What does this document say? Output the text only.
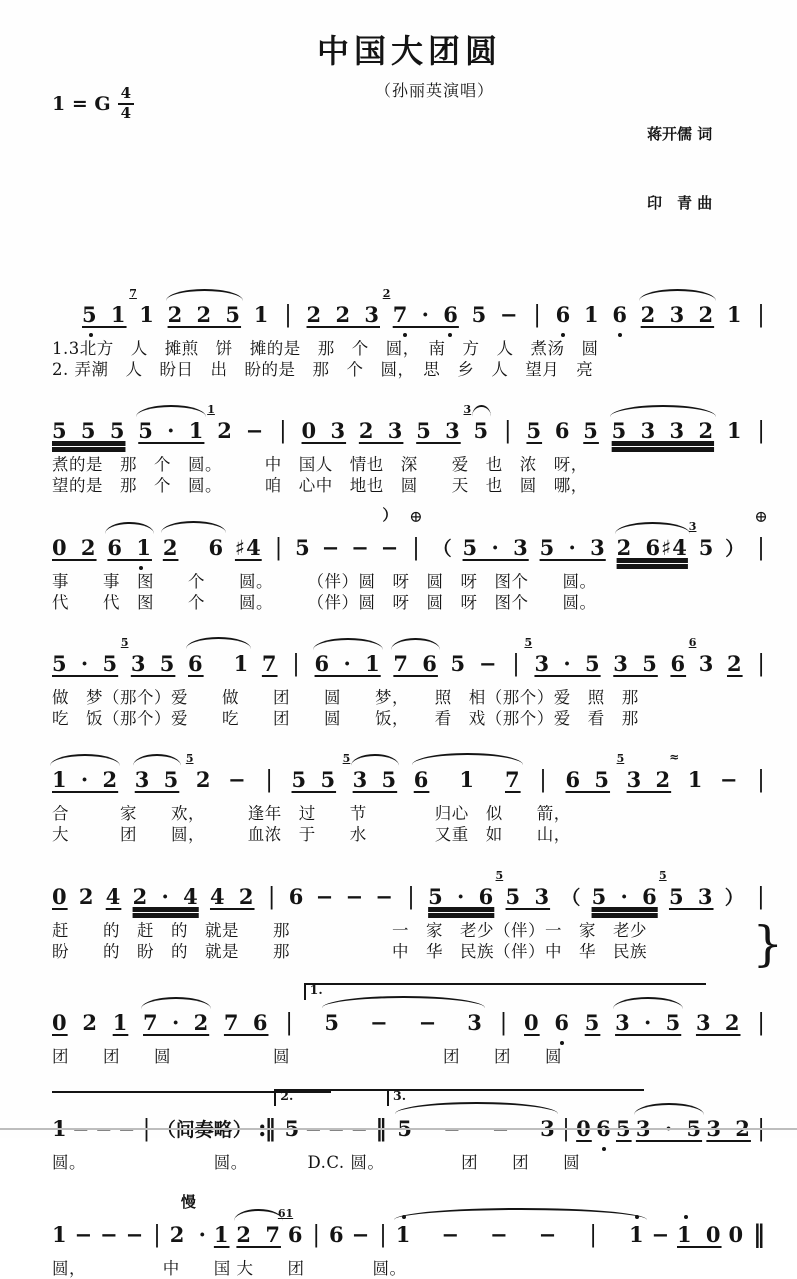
中国大团圆
1 = G $\frac{4}{4}$	（孙丽英演唱）

蒋开儒 词

印　青 曲

5 1 1
7
2 2 5 1 | 2 2 3 7 · 6
2
5 − | 6 1 6 2 3 2 1 |
1.3北方　人　摊煎　饼　摊的是　那　个　圆，　南　方　人　煮汤　圆
2. 弄潮　人　盼日　出　盼的是　那　个　圆，　思　乡　人　望月　亮
5 5 5 5 · 1 2
1
− | 0 3 2 3 5 3 5
3
| 5 6 5 5 3 3 2 1 |
煮的是　那　个　圆。　　　中　国人　情也　深　　爱　也　浓　呀，
望的是　那　个　圆。　　　咱　心中　地也　圆　　天　也　圆　哪，
0 2 6 1 2 6 ♯4 | 5 − − −
）
|
⊕
（ 5 · 3 5 · 3 2 6♯4 5
3
） |
⊕
事　　事　图　　个　　圆。　　　（伴）圆　呀　圆　呀　图个　　圆。
代　　代　图　　个　　圆。　　　（伴）圆　呀　圆　呀　图个　　圆。
5 · 5 3 5
5
6 1 7 | 6 · 1 7 6 5 − | 3 · 5
5
3 5 6 3
6
2 |
做　梦（那个）爱　　做　　团　　圆　　梦，　　照　相（那个）爱　照　那
吃　饭（那个）爱　　吃　　团　　圆　　饭，　　看　戏（那个）爱　看　那
1 · 2 3 5 2
5
− | 5 5 3 5
5
6 1 7 | 6 5 3 2
5	≈
1 − |
合　　　家　　欢，　　　逢年　过　　节　　　　归心　似　　箭，
大　　　团　　圆，　　　血浓　于　　水　　　　又重　如　　山，
0 2 4 2 · 4 4 2 | 6 − − − | 5 · 6 5 3
5
（ 5 · 6 5 3
5
） |
赶　　的　赶　的　就是　　那　　　　　　一　家　老少（伴）一　家　老少
盼　　的　盼　的　就是　　那　　　　　　中　华　民族（伴）中　华　民族	}
0 2 1 7 · 2 7 6 |
1.
5 − − 3 | 0 6 5 3 · 5 3 2 |
团　　团　　圆　　　　　　圆　　　　　　　　　团　　团　　圆
1 − − − | （间奏略） :‖
2.
5 − − − ‖
3.
5 − − 3 | 0 6 5 3 · 5 3 2 |
圆。　　　　　　　　圆。　　　　D.C. 圆。　　　　　团　　团　　圆
1 − − − | 2 ·
慢
1 2 7 6
61
| 6 − | 1 − − − | 1 − 1 0 0 ‖
圆，　　　　　中　　国 大　　团　　　　圆。
